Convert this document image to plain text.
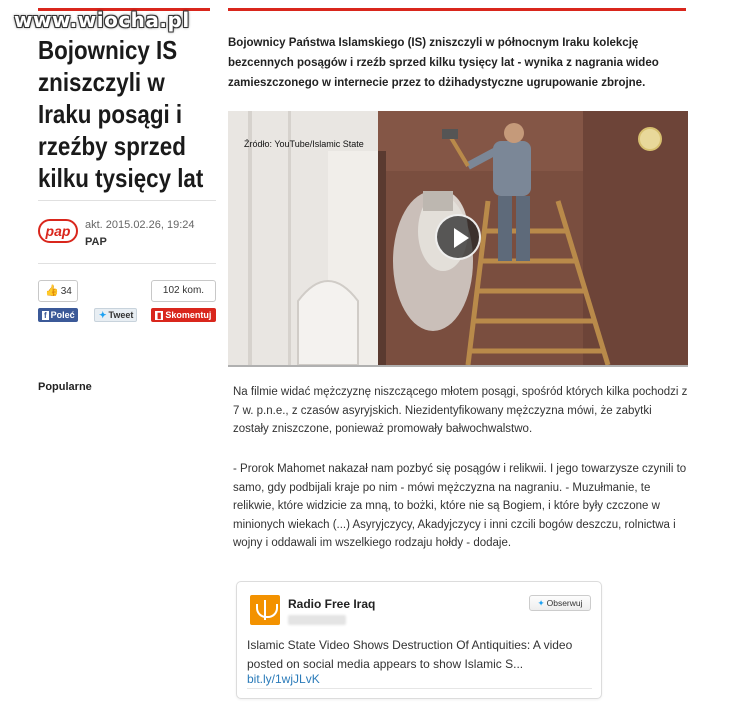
www.wiocha.pl
Bojownicy IS zniszczyli w Iraku posągi i rzeźby sprzed kilku tysięcy lat
pap	akt. 2015.02.26, 19:24
PAP
👍 34	102 kom.
f Poleć	✦ Tweet	▮ Skomentuj
Popularne

Bojownicy Państwa Islamskiego (IS) zniszczyli w północnym Iraku kolekcję bezcennych posągów i rzeźb sprzed kilku tysięcy lat - wynika z nagrania wideo zamieszczonego w internecie przez to dżihadystyczne ugrupowanie zbrojne.

Źródło: YouTube/Islamic State

Na filmie widać mężczyznę niszczącego młotem posągi, spośród których kilka pochodzi z 7 w. p.n.e., z czasów asyryjskich. Niezidentyfikowany mężczyzna mówi, że zabytki zostały zniszczone, ponieważ promowały bałwochwalstwo.

- Prorok Mahomet nakazał nam pozbyć się posągów i relikwii. I jego towarzysze czynili to samo, gdy podbijali kraje po nim - mówi mężczyzna na nagraniu. - Muzułmanie, te relikwie, które widzicie za mną, to bożki, które nie są Bogiem, i które były czczone w minionych wiekach (...) Asyryjczycy, Akadyjczycy i inni czcili bogów deszczu, rolnictwa i wojny i oddawali im wszelkiego rodzaju hołdy - dodaje.

Radio Free Iraq	✦ Obserwuj
Islamic State Video Shows Destruction Of Antiquities: A video posted on social media appears to show Islamic S...
bit.ly/1wjJLvK
